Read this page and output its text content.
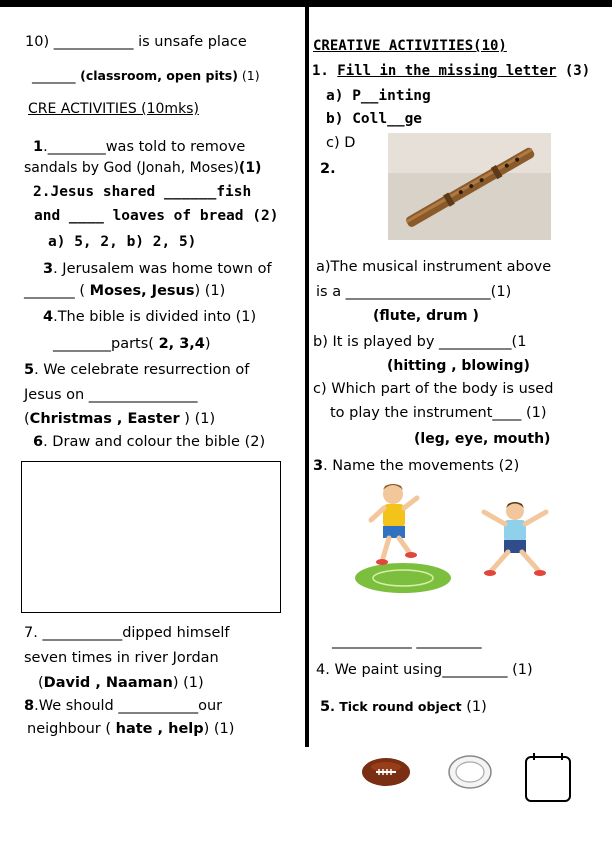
10) ___________ is unsafe place
______ (classroom, open pits) (1)
CRE ACTIVITIES (10mks)
1.________was told to remove
sandals by God (Jonah, Moses)(1)
2.Jesus shared ______fish
and ____ loaves of bread (2)
a) 5, 2, b) 2, 5)
3. Jerusalem was home town of
_______ ( Moses, Jesus) (1)
4.The bible is divided into (1)
________parts( 2, 3,4)
5. We celebrate resurrection of
Jesus on _______________
(Christmas , Easter ) (1)
6. Draw and colour the bible (2)
7. ___________dipped himself
seven times in river Jordan
(David , Naaman) (1)
8.We should ___________our
neighbour ( hate , help) (1)
CREATIVE ACTIVITIES(10)
1. Fill in the missing letter (3)
a) P__inting
b) Coll__ge
c) D
2.
a)The musical instrument above
is a ____________________(1)
(flute, drum )
b) It is played by __________(1
(hitting , blowing)
c) Which part of the body is used
to play the instrument____ (1)
(leg, eye, mouth)
3. Name the movements (2)
___________ _________
4. We paint using_________ (1)
5. Tick round object (1)
